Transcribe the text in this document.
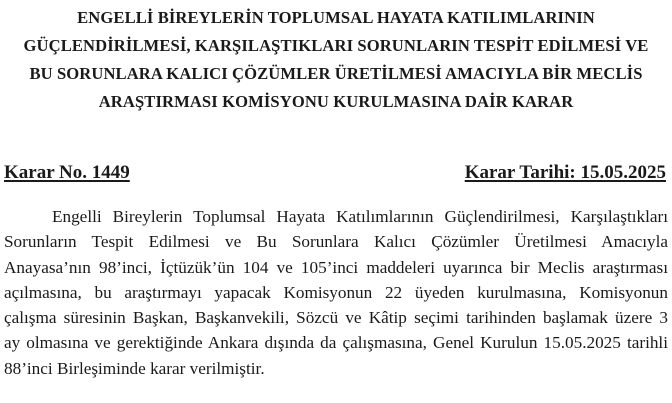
ENGELLİ BİREYLERİN TOPLUMSAL HAYATA KATILIMLARININ
GÜÇLENDİRİLMESİ, KARŞILAŞTIKLARI SORUNLARIN TESPİT EDİLMESİ VE
BU SORUNLARA KALICI ÇÖZÜMLER ÜRETİLMESİ AMACIYLA BİR MECLİS
ARAŞTIRMASI KOMİSYONU KURULMASINA DAİR KARAR
Karar No. 1449	Karar Tarihi: 15.05.2025
Engelli Bireylerin Toplumsal Hayata Katılımlarının Güçlendirilmesi, Karşılaştıkları
Sorunların Tespit Edilmesi ve Bu Sorunlara Kalıcı Çözümler Üretilmesi Amacıyla
Anayasa’nın 98’inci, İçtüzük’ün 104 ve 105’inci maddeleri uyarınca bir Meclis araştırması
açılmasına, bu araştırmayı yapacak Komisyonun 22 üyeden kurulmasına, Komisyonun
çalışma süresinin Başkan, Başkanvekili, Sözcü ve Kâtip seçimi tarihinden başlamak üzere 3
ay olmasına ve gerektiğinde Ankara dışında da çalışmasına, Genel Kurulun 15.05.2025 tarihli
88’inci Birleşiminde karar verilmiştir.
